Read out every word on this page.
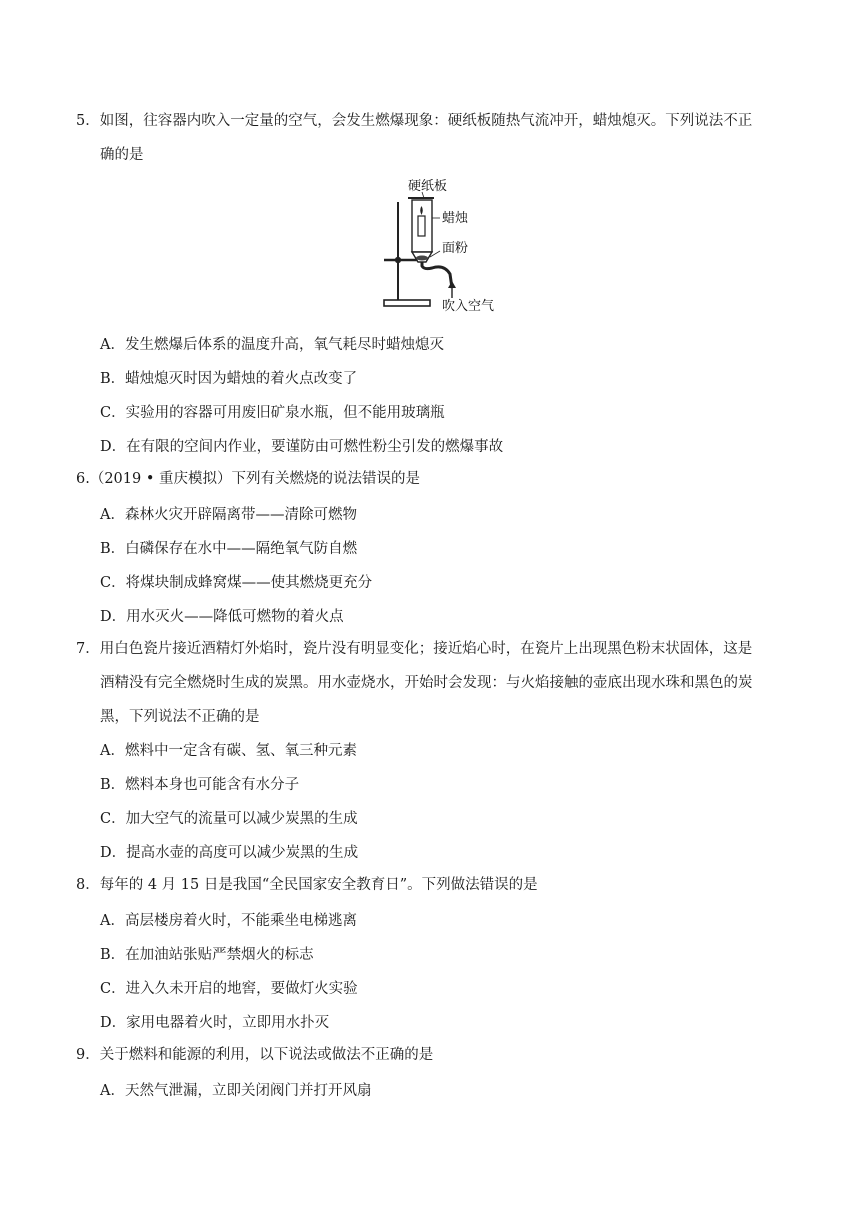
5．如图，往容器内吹入一定量的空气，会发生燃爆现象：硬纸板随热气流冲开，蜡烛熄灭。下列说法不正
确的是
硬纸板
蜡烛
面粉
吹入空气
A．发生燃爆后体系的温度升高，氧气耗尽时蜡烛熄灭
B．蜡烛熄灭时因为蜡烛的着火点改变了
C．实验用的容器可用废旧矿泉水瓶，但不能用玻璃瓶
D．在有限的空间内作业，要谨防由可燃性粉尘引发的燃爆事故
6.（2019 • 重庆模拟）下列有关燃烧的说法错误的是
A．森林火灾开辟隔离带——清除可燃物
B．白磷保存在水中——隔绝氧气防自燃
C．将煤块制成蜂窝煤——使其燃烧更充分
D．用水灭火——降低可燃物的着火点
7．用白色瓷片接近酒精灯外焰时，瓷片没有明显变化；接近焰心时，在瓷片上出现黑色粉末状固体，这是
酒精没有完全燃烧时生成的炭黑。用水壶烧水，开始时会发现：与火焰接触的壶底出现水珠和黑色的炭
黑，下列说法不正确的是
A．燃料中一定含有碳、氢、氧三种元素
B．燃料本身也可能含有水分子
C．加大空气的流量可以减少炭黑的生成
D．提高水壶的高度可以减少炭黑的生成
8．每年的 4 月 15 日是我国“全民国家安全教育日”。下列做法错误的是
A．高层楼房着火时，不能乘坐电梯逃离
B．在加油站张贴严禁烟火的标志
C．进入久未开启的地窖，要做灯火实验
D．家用电器着火时，立即用水扑灭
9．关于燃料和能源的利用，以下说法或做法不正确的是
A．天然气泄漏，立即关闭阀门并打开风扇
